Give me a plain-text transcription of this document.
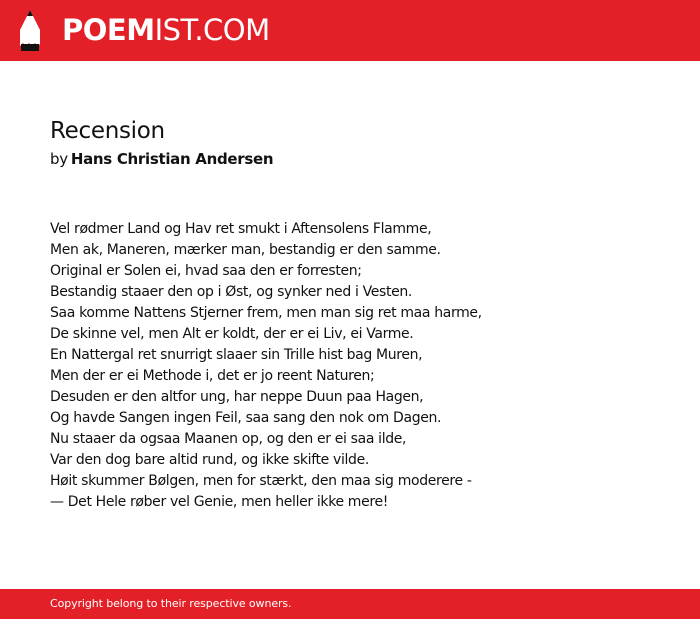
POEMIST.COM
Recension
by Hans Christian Andersen
Vel rødmer Land og Hav ret smukt i Aftensolens Flamme,
Men ak, Maneren, mærker man, bestandig er den samme.
Original er Solen ei, hvad saa den er forresten;
Bestandig staaer den op i Øst, og synker ned i Vesten.
Saa komme Nattens Stjerner frem, men man sig ret maa harme,
De skinne vel, men Alt er koldt, der er ei Liv, ei Varme.
En Nattergal ret snurrigt slaaer sin Trille hist bag Muren,
Men der er ei Methode i, det er jo reent Naturen;
Desuden er den altfor ung, har neppe Duun paa Hagen,
Og havde Sangen ingen Feil, saa sang den nok om Dagen.
Nu staaer da ogsaa Maanen op, og den er ei saa ilde,
Var den dog bare altid rund, og ikke skifte vilde.
Høit skummer Bølgen, men for stærkt, den maa sig moderere -
— Det Hele røber vel Genie, men heller ikke mere!
Copyright belong to their respective owners.
